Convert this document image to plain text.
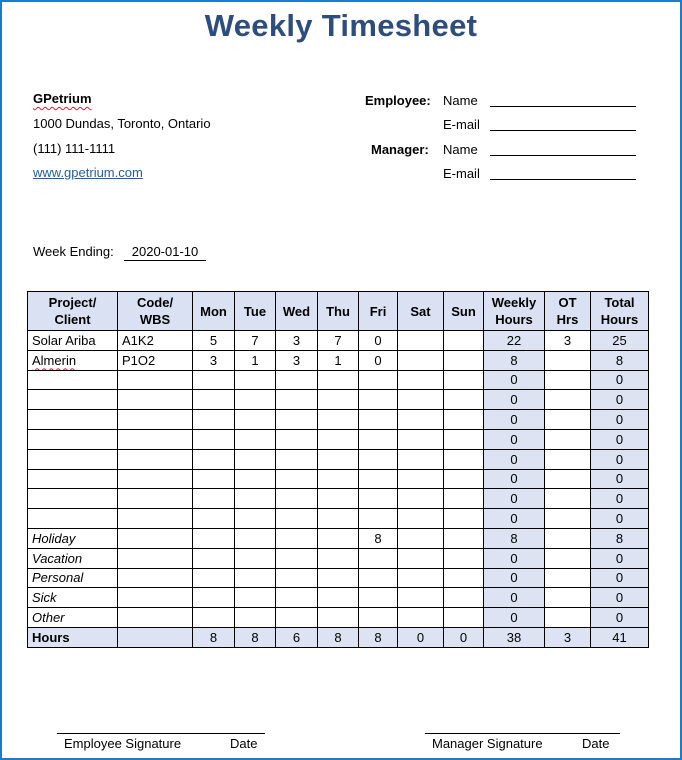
Weekly Timesheet
GPetrium
1000 Dundas, Toronto, Ontario
(111) 111-1111
www.gpetrium.com
Employee: Name
E-mail
Manager: Name
E-mail
Week Ending:	2020-01-10
Project/ Client	Code/ WBS	Mon	Tue	Wed	Thu	Fri	Sat	Sun	Weekly Hours	OT Hrs	Total Hours
Solar Ariba	A1K2	5	7	3	7	0			22	3	25
Almerin	P1O2	3	1	3	1	0			8		8
									0		0
									0		0
									0		0
									0		0
									0		0
									0		0
									0		0
									0		0
Holiday						8			8		8
Vacation									0		0
Personal									0		0
Sick									0		0
Other									0		0
Hours		8	8	6	8	8	0	0	38	3	41
Employee Signature	Date	Manager Signature	Date
